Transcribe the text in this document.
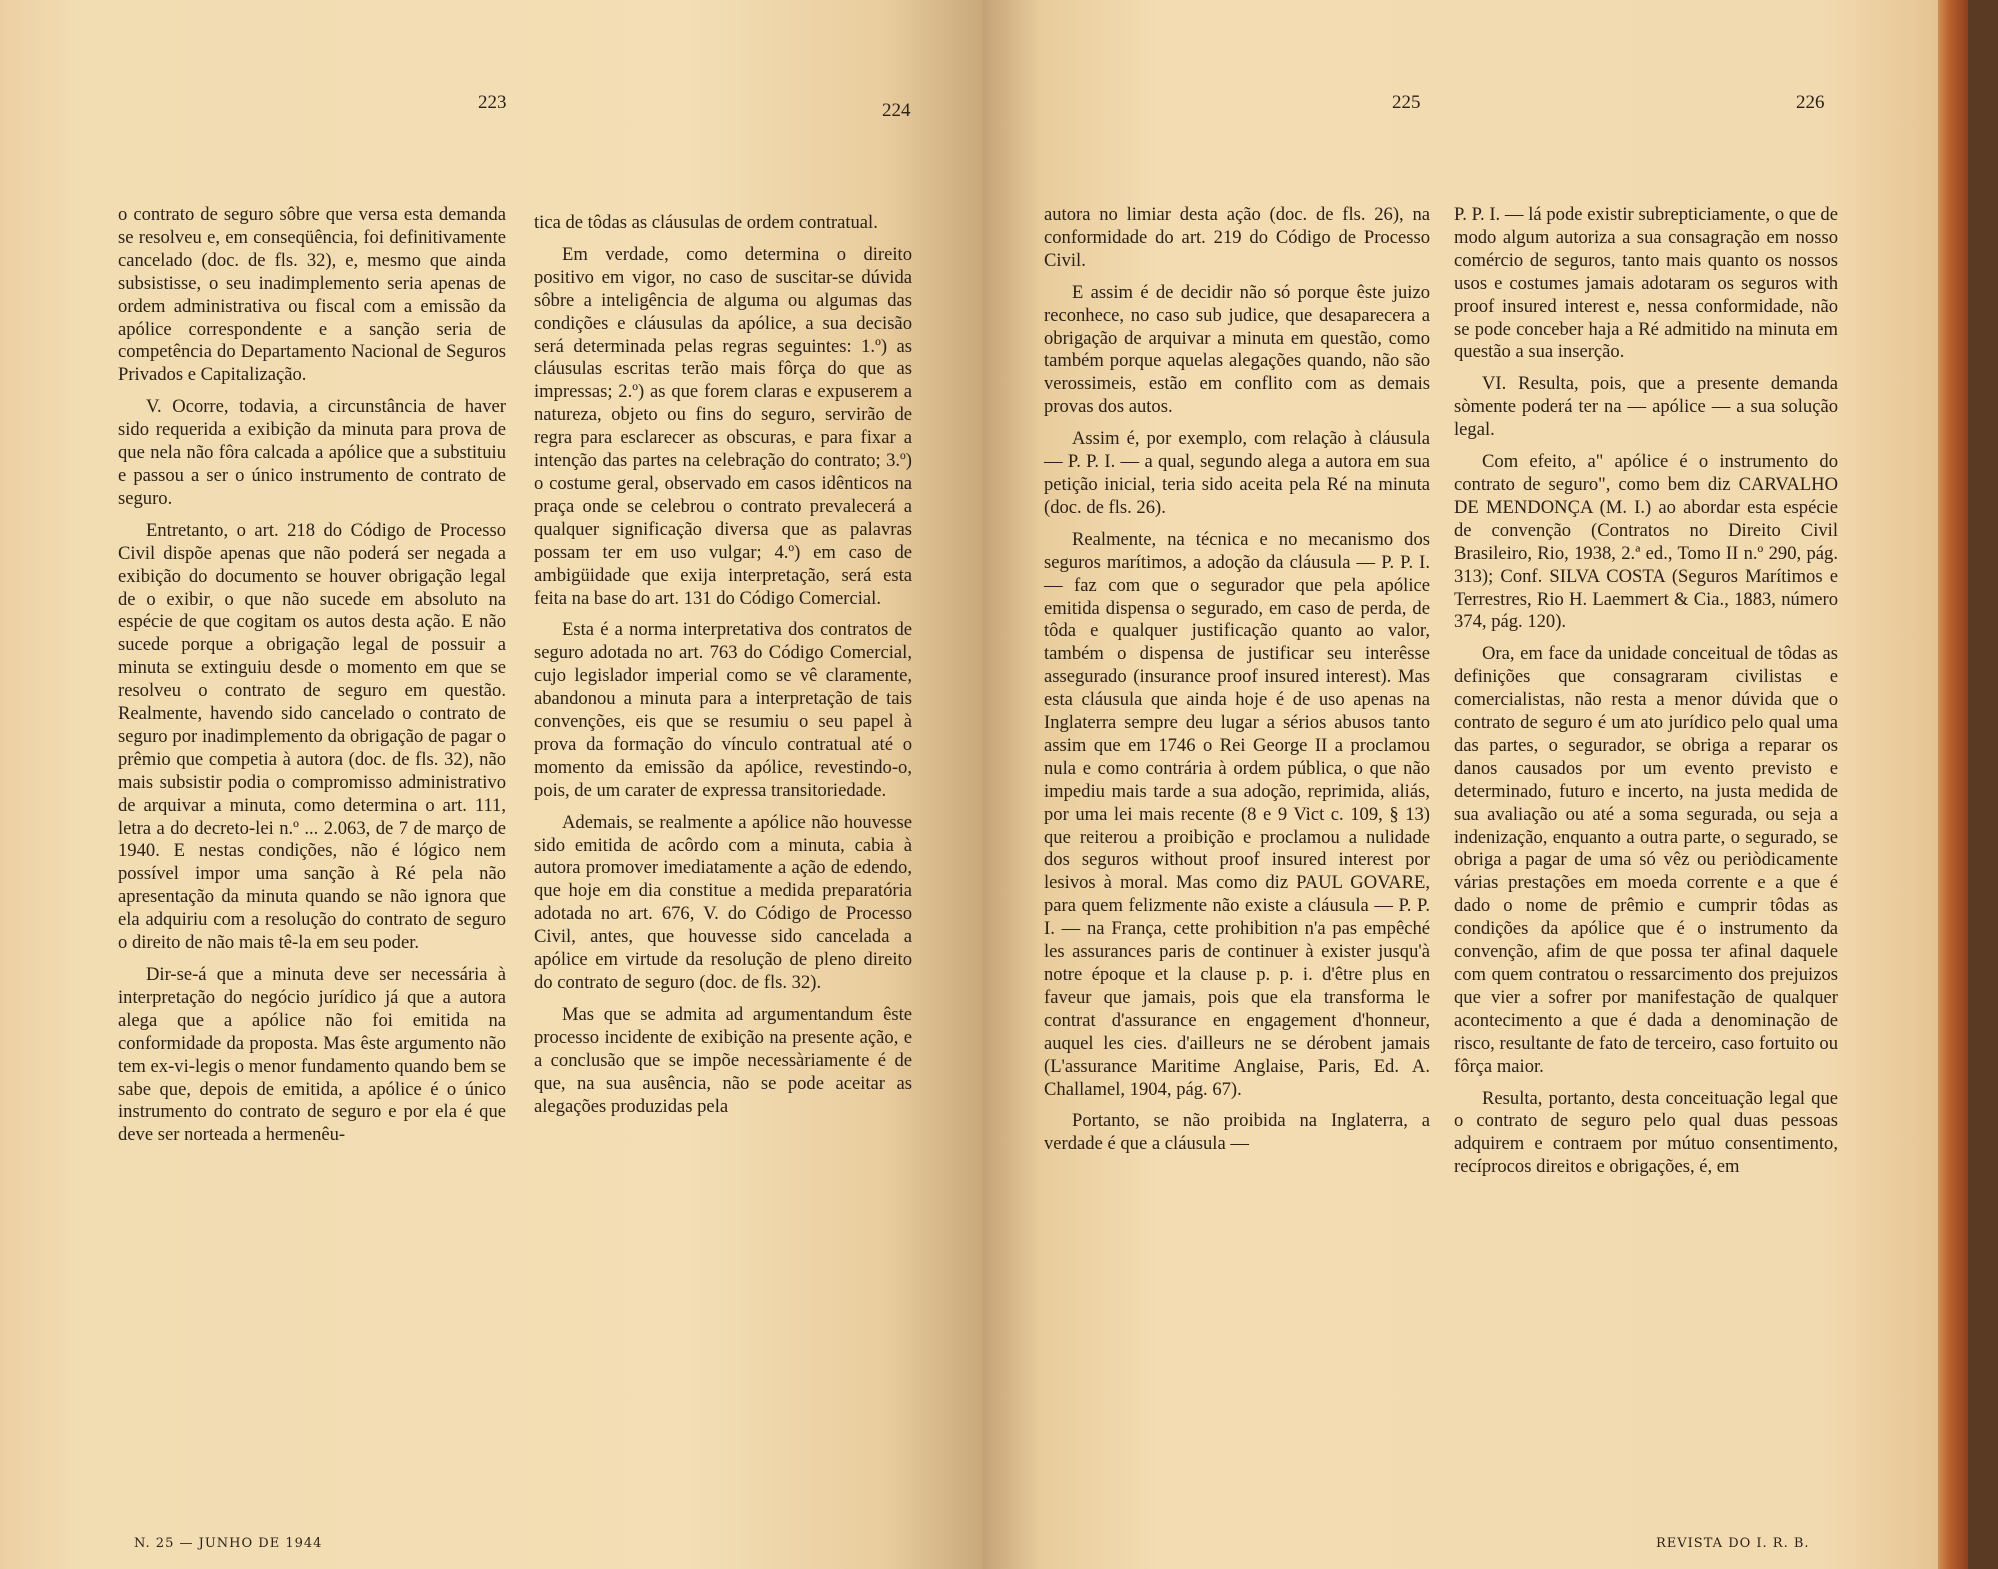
223	224

o contrato de seguro sôbre que versa esta demanda se resolveu e, em conseqüência, foi definitivamente cancelado (doc. de fls. 32), e, mesmo que ainda subsistisse, o seu inadimplemento seria apenas de ordem administrativa ou fiscal com a emissão da apólice correspondente e a sanção seria de competência do Departamento Nacional de Seguros Privados e Capitalização.

V. Ocorre, todavia, a circunstância de haver sido requerida a exibição da minuta para prova de que nela não fôra calcada a apólice que a substituiu e passou a ser o único instrumento de contrato de seguro.

Entretanto, o art. 218 do Código de Processo Civil dispõe apenas que não poderá ser negada a exibição do documento se houver obrigação legal de o exibir, o que não sucede em absoluto na espécie de que cogitam os autos desta ação. E não sucede porque a obrigação legal de possuir a minuta se extinguiu desde o momento em que se resolveu o contrato de seguro em questão. Realmente, havendo sido cancelado o contrato de seguro por inadimplemento da obrigação de pagar o prêmio que competia à autora (doc. de fls. 32), não mais subsistir podia o compromisso administrativo de arquivar a minuta, como determina o art. 111, letra a do decreto-lei n.º ... 2.063, de 7 de março de 1940. E nestas condições, não é lógico nem possível impor uma sanção à Ré pela não apresentação da minuta quando se não ignora que ela adquiriu com a resolução do contrato de seguro o direito de não mais tê-la em seu poder.

Dir-se-á que a minuta deve ser necessária à interpretação do negócio jurídico já que a autora alega que a apólice não foi emitida na conformidade da proposta. Mas êste argumento não tem ex-vi-legis o menor fundamento quando bem se sabe que, depois de emitida, a apólice é o único instrumento do contrato de seguro e por ela é que deve ser norteada a hermenêu-

tica de tôdas as cláusulas de ordem contratual.

Em verdade, como determina o direito positivo em vigor, no caso de suscitar-se dúvida sôbre a inteligência de alguma ou algumas das condições e cláusulas da apólice, a sua decisão será determinada pelas regras seguintes: 1.º) as cláusulas escritas terão mais fôrça do que as impressas; 2.º) as que forem claras e expuserem a natureza, objeto ou fins do seguro, servirão de regra para esclarecer as obscuras, e para fixar a intenção das partes na celebração do contrato; 3.º) o costume geral, observado em casos idênticos na praça onde se celebrou o contrato prevalecerá a qualquer significação diversa que as palavras possam ter em uso vulgar; 4.º) em caso de ambigüidade que exija interpretação, será esta feita na base do art. 131 do Código Comercial.

Esta é a norma interpretativa dos contratos de seguro adotada no art. 763 do Código Comercial, cujo legislador imperial como se vê claramente, abandonou a minuta para a interpretação de tais convenções, eis que se resumiu o seu papel à prova da formação do vínculo contratual até o momento da emissão da apólice, revestindo-o, pois, de um carater de expressa transitoriedade.

Ademais, se realmente a apólice não houvesse sido emitida de acôrdo com a minuta, cabia à autora promover imediatamente a ação de edendo, que hoje em dia constitue a medida preparatória adotada no art. 676, V. do Código de Processo Civil, antes, que houvesse sido cancelada a apólice em virtude da resolução de pleno direito do contrato de seguro (doc. de fls. 32).

Mas que se admita ad argumentandum êste processo incidente de exibição na presente ação, e a conclusão que se impõe necessàriamente é de que, na sua ausência, não se pode aceitar as alegações produzidas pela

N. 25 — JUNHO DE 1944
225	226

autora no limiar desta ação (doc. de fls. 26), na conformidade do art. 219 do Código de Processo Civil.

E assim é de decidir não só porque êste juizo reconhece, no caso sub judice, que desaparecera a obrigação de arquivar a minuta em questão, como também porque aquelas alegações quando, não são verossimeis, estão em conflito com as demais provas dos autos.

Assim é, por exemplo, com relação à cláusula — P. P. I. — a qual, segundo alega a autora em sua petição inicial, teria sido aceita pela Ré na minuta (doc. de fls. 26).

Realmente, na técnica e no mecanismo dos seguros marítimos, a adoção da cláusula — P. P. I. — faz com que o segurador que pela apólice emitida dispensa o segurado, em caso de perda, de tôda e qualquer justificação quanto ao valor, também o dispensa de justificar seu interêsse assegurado (insurance proof insured interest). Mas esta cláusula que ainda hoje é de uso apenas na Inglaterra sempre deu lugar a sérios abusos tanto assim que em 1746 o Rei George II a proclamou nula e como contrária à ordem pública, o que não impediu mais tarde a sua adoção, reprimida, aliás, por uma lei mais recente (8 e 9 Vict c. 109, § 13) que reiterou a proibição e proclamou a nulidade dos seguros without proof insured interest por lesivos à moral. Mas como diz PAUL GOVARE, para quem felizmente não existe a cláusula — P. P. I. — na França, cette prohibition n'a pas empêché les assurances paris de continuer à exister jusqu'à notre époque et la clause p. p. i. d'être plus en faveur que jamais, pois que ela transforma le contrat d'assurance en engagement d'honneur, auquel les cies. d'ailleurs ne se dérobent jamais (L'assurance Maritime Anglaise, Paris, Ed. A. Challamel, 1904, pág. 67).

Portanto, se não proibida na Inglaterra, a verdade é que a cláusula —

P. P. I. — lá pode existir subrepticiamente, o que de modo algum autoriza a sua consagração em nosso comércio de seguros, tanto mais quanto os nossos usos e costumes jamais adotaram os seguros with proof insured interest e, nessa conformidade, não se pode conceber haja a Ré admitido na minuta em questão a sua inserção.

VI. Resulta, pois, que a presente demanda sòmente poderá ter na — apólice — a sua solução legal.

Com efeito, a" apólice é o instrumento do contrato de seguro", como bem diz CARVALHO DE MENDONÇA (M. I.) ao abordar esta espécie de convenção (Contratos no Direito Civil Brasileiro, Rio, 1938, 2.ª ed., Tomo II n.º 290, pág. 313); Conf. SILVA COSTA (Seguros Marítimos e Terrestres, Rio H. Laemmert & Cia., 1883, número 374, pág. 120).

Ora, em face da unidade conceitual de tôdas as definições que consagraram civilistas e comercialistas, não resta a menor dúvida que o contrato de seguro é um ato jurídico pelo qual uma das partes, o segurador, se obriga a reparar os danos causados por um evento previsto e determinado, futuro e incerto, na justa medida de sua avaliação ou até a soma segurada, ou seja a indenização, enquanto a outra parte, o segurado, se obriga a pagar de uma só vêz ou periòdicamente várias prestações em moeda corrente e a que é dado o nome de prêmio e cumprir tôdas as condições da apólice que é o instrumento da convenção, afim de que possa ter afinal daquele com quem contratou o ressarcimento dos prejuizos que vier a sofrer por manifestação de qualquer acontecimento a que é dada a denominação de risco, resultante de fato de terceiro, caso fortuito ou fôrça maior.

Resulta, portanto, desta conceituação legal que o contrato de seguro pelo qual duas pessoas adquirem e contraem por mútuo consentimento, recíprocos direitos e obrigações, é, em

REVISTA DO I. R. B.
